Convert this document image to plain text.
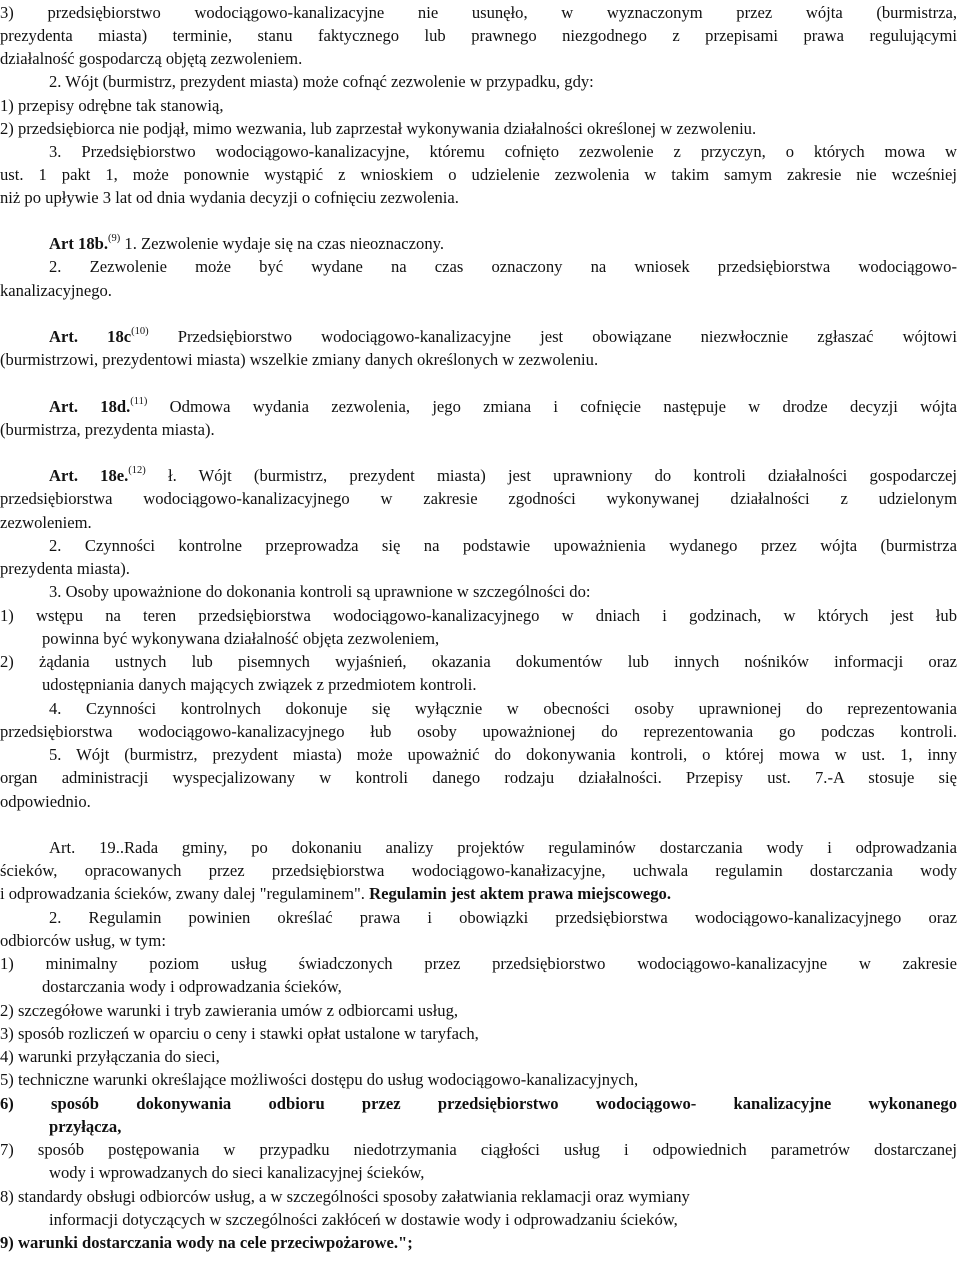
3) przedsiębiorstwo wodociągowo-kanalizacyjne nie usunęło, w wyznaczonym przez wójta (burmistrza,
prezydenta miasta) terminie, stanu faktycznego lub prawnego niezgodnego z przepisami prawa regulującymi
działalność gospodarczą objętą zezwoleniem.
2. Wójt (burmistrz, prezydent miasta) może cofnąć zezwolenie w przypadku, gdy:
1) przepisy odrębne tak stanowią,
2) przedsiębiorca nie podjął, mimo wezwania, lub zaprzestał wykonywania działalności określonej w zezwoleniu.
3. Przedsiębiorstwo wodociągowo-kanalizacyjne, któremu cofnięto zezwolenie z przyczyn, o których mowa w
ust. 1 pakt 1, może ponownie wystąpić z wnioskiem o udzielenie zezwolenia w takim samym zakresie nie wcześniej
niż po upływie 3 lat od dnia wydania decyzji o cofnięciu zezwolenia.
Art 18b.$^{(9)}$ 1. Zezwolenie wydaje się na czas nieoznaczony.
2. Zezwolenie może być wydane na czas oznaczony na wniosek przedsiębiorstwa wodociągowo-
kanalizacyjnego.
Art. $18c^{(10)}$ Przedsiębiorstwo wodociągowo-kanalizacyjne jest obowiązane niezwłocznie zgłaszać wójtowi
(burmistrzowi, prezydentowi miasta) wszelkie zmiany danych określonych w zezwoleniu.
Art. 18d.$^{(11)}$ Odmowa wydania zezwolenia, jego zmiana i cofnięcie następuje w drodze decyzji wójta
(burmistrza, prezydenta miasta).
Art. 18e.$^{(12)}$ ł. Wójt (burmistrz, prezydent miasta) jest uprawniony do kontroli działalności gospodarczej
przedsiębiorstwa wodociągowo-kanalizacyjnego w zakresie zgodności wykonywanej działalności z udzielonym
zezwoleniem.
2. Czynności kontrolne przeprowadza się na podstawie upoważnienia wydanego przez wójta (burmistrza
prezydenta miasta).
3. Osoby upoważnione do dokonania kontroli są uprawnione w szczególności do:
1) wstępu na teren przedsiębiorstwa wodociągowo-kanalizacyjnego w dniach i godzinach, w których jest łub
powinna być wykonywana działalność objęta zezwoleniem,
2) żądania ustnych lub pisemnych wyjaśnień, okazania dokumentów lub innych nośników informacji oraz
udostępniania danych mających związek z przedmiotem kontroli.
4. Czynności kontrolnych dokonuje się wyłącznie w obecności osoby uprawnionej do reprezentowania
przedsiębiorstwa wodociągowo-kanalizacyjnego łub osoby upoważnionej do reprezentowania go podczas kontroli.
5. Wójt (burmistrz, prezydent miasta) może upoważnić do dokonywania kontroli, o której mowa w ust. 1, inny
organ administracji wyspecjalizowany w kontroli danego rodzaju działalności. Przepisy ust. 7.-A stosuje się
odpowiednio.
Art. 19..Rada gminy, po dokonaniu analizy projektów regulaminów dostarczania wody i odprowadzania
ścieków, opracowanych przez przedsiębiorstwa wodociągowo-kanałizacyjne, uchwala regulamin dostarczania wody
i odprowadzania ścieków, zwany dalej "regulaminem". Regulamin jest aktem prawa miejscowego.
2. Regulamin powinien określać prawa i obowiązki przedsiębiorstwa wodociągowo-kanalizacyjnego oraz
odbiorców usług, w tym:
1) minimalny poziom usług świadczonych przez przedsiębiorstwo wodociągowo-kanalizacyjne w zakresie
dostarczania wody i odprowadzania ścieków,
2) szczegółowe warunki i tryb zawierania umów z odbiorcami usług,
3) sposób rozliczeń w oparciu o ceny i stawki opłat ustalone w taryfach,
4) warunki przyłączania do sieci,
5) techniczne warunki określające możliwości dostępu do usług wodociągowo-kanalizacyjnych,
6) sposób dokonywania odbioru przez przedsiębiorstwo wodociągowo- kanalizacyjne wykonanego
przyłącza,
7) sposób postępowania w przypadku niedotrzymania ciągłości usług i odpowiednich parametrów dostarczanej
wody i wprowadzanych do sieci kanalizacyjnej ścieków,
8) standardy obsługi odbiorców usług, a w szczególności sposoby załatwiania reklamacji oraz wymiany
informacji dotyczących w szczególności zakłóceń w dostawie wody i odprowadzaniu ścieków,
9) warunki dostarczania wody na cele przeciwpożarowe.";
